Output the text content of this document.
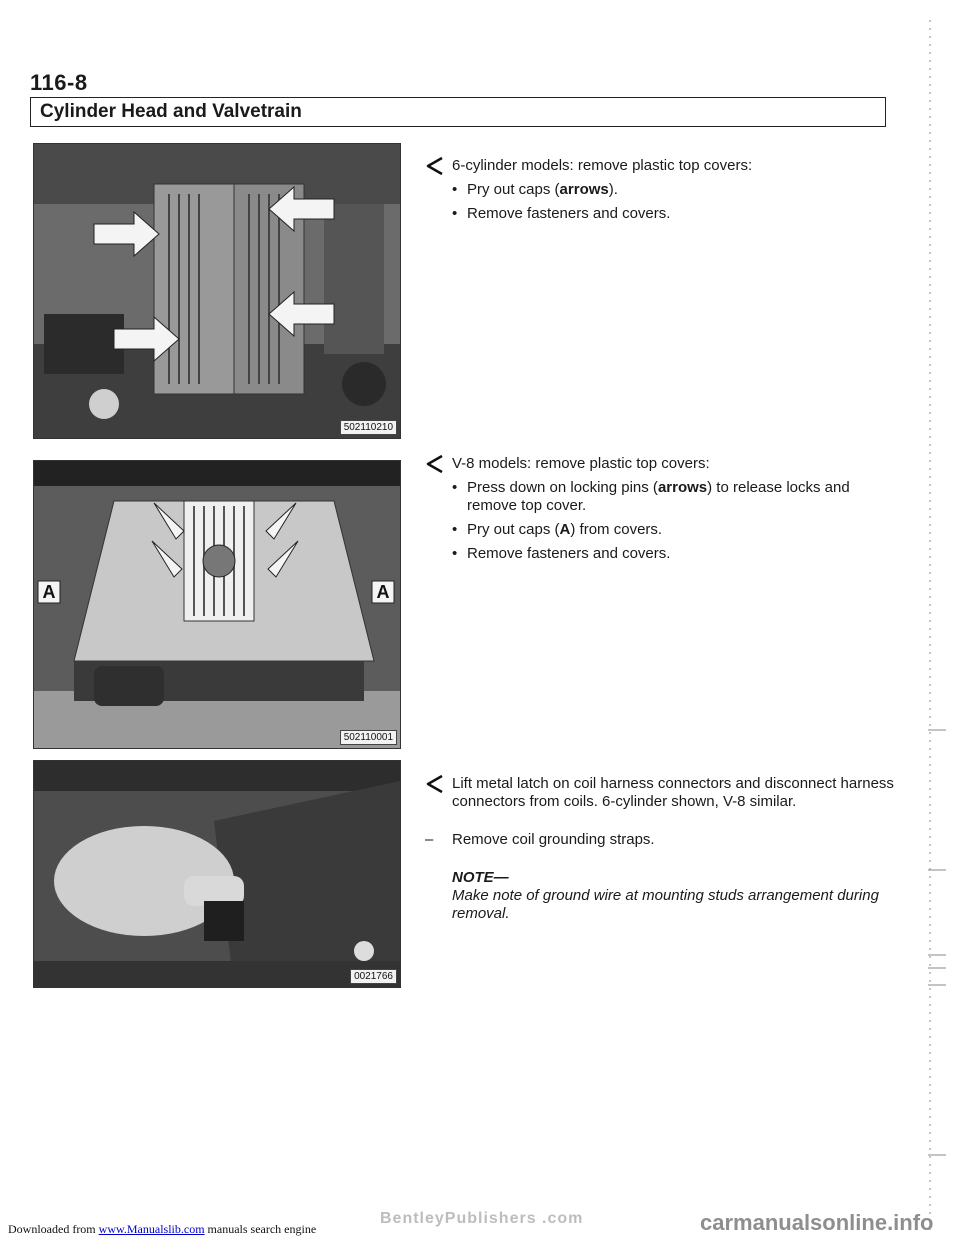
116-8
Cylinder Head and Valvetrain
502110210
A	A
502110001
0021766
6-cylinder models: remove plastic top covers:
• Pry out caps (arrows).
• Remove fasteners and covers.
V-8 models: remove plastic top covers:
• Press down on locking pins (arrows) to release locks and remove top cover.
• Pry out caps (A) from covers.
• Remove fasteners and covers.
Lift metal latch on coil harness connectors and disconnect harness connectors from coils. 6-cylinder shown, V-8 similar.
– Remove coil grounding straps.
NOTE—
Make note of ground wire at mounting studs arrangement during removal.
Downloaded from www.Manualslib.com manuals search engine
BentleyPublishers .com	carmanualsonline.info
